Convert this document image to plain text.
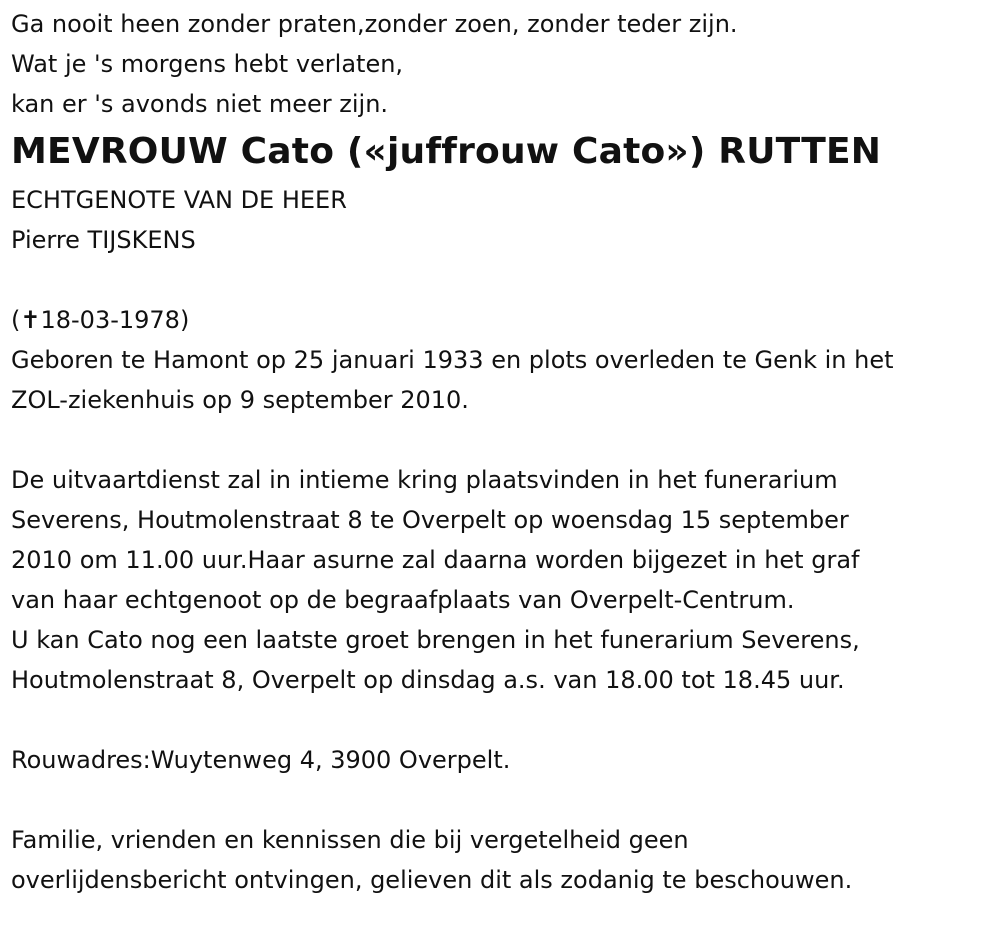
Ga nooit heen zonder praten,zonder zoen, zonder teder zijn.

Wat je 's morgens hebt verlaten,

kan er 's avonds niet meer zijn.

MEVROUW Cato («juffrouw Cato») RUTTEN

ECHTGENOTE VAN DE HEER

Pierre TIJSKENS

(✝18-03-1978)

Geboren te Hamont op 25 januari 1933 en plots overleden te Genk in het

ZOL-ziekenhuis op 9 september 2010.

De uitvaartdienst zal in intieme kring plaatsvinden in het funerarium

Severens, Houtmolenstraat 8 te Overpelt op woensdag 15 september

2010 om 11.00 uur.Haar asurne zal daarna worden bijgezet in het graf

van haar echtgenoot op de begraafplaats van Overpelt-Centrum.

U kan Cato nog een laatste groet brengen in het funerarium Severens,

Houtmolenstraat 8, Overpelt op dinsdag a.s. van 18.00 tot 18.45 uur.

Rouwadres:Wuytenweg 4, 3900 Overpelt.

Familie, vrienden en kennissen die bij vergetelheid geen

overlijdensbericht ontvingen, gelieven dit als zodanig te beschouwen.
